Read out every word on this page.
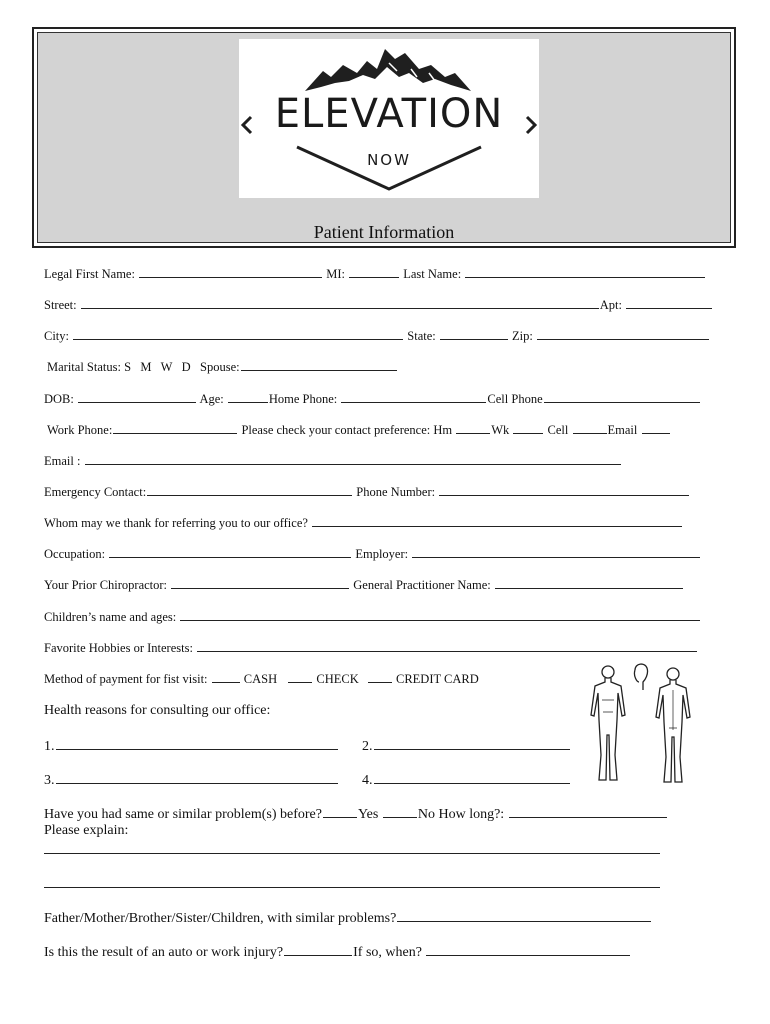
ELEVATION
NOW
Patient Information
Legal First Name:	MI:	Last Name:
Street:	Apt:
City:	State:	Zip:
Marital Status: S   M   W   D Spouse:
DOB:	Age:	Home Phone:	Cell Phone
Work Phone:	Please check your contact preference: Hm	Wk	Cell	Email
Email :
Emergency Contact:	Phone Number:
Whom may we thank for referring you to our office?
Occupation:	Employer:
Your Prior Chiropractor:	General Practitioner Name:
Children’s name and ages:
Favorite Hobbies or Interests:
Method of payment for fist visit:	CASH	CHECK	CREDIT CARD
Health reasons for consulting our office:
1.	2.
3.	4.
Have you had same or similar problem(s) before?	Yes	No How long?:
Please explain:
Father/Mother/Brother/Sister/Children, with similar problems?
Is this the result of an auto or work injury?	If so, when?
